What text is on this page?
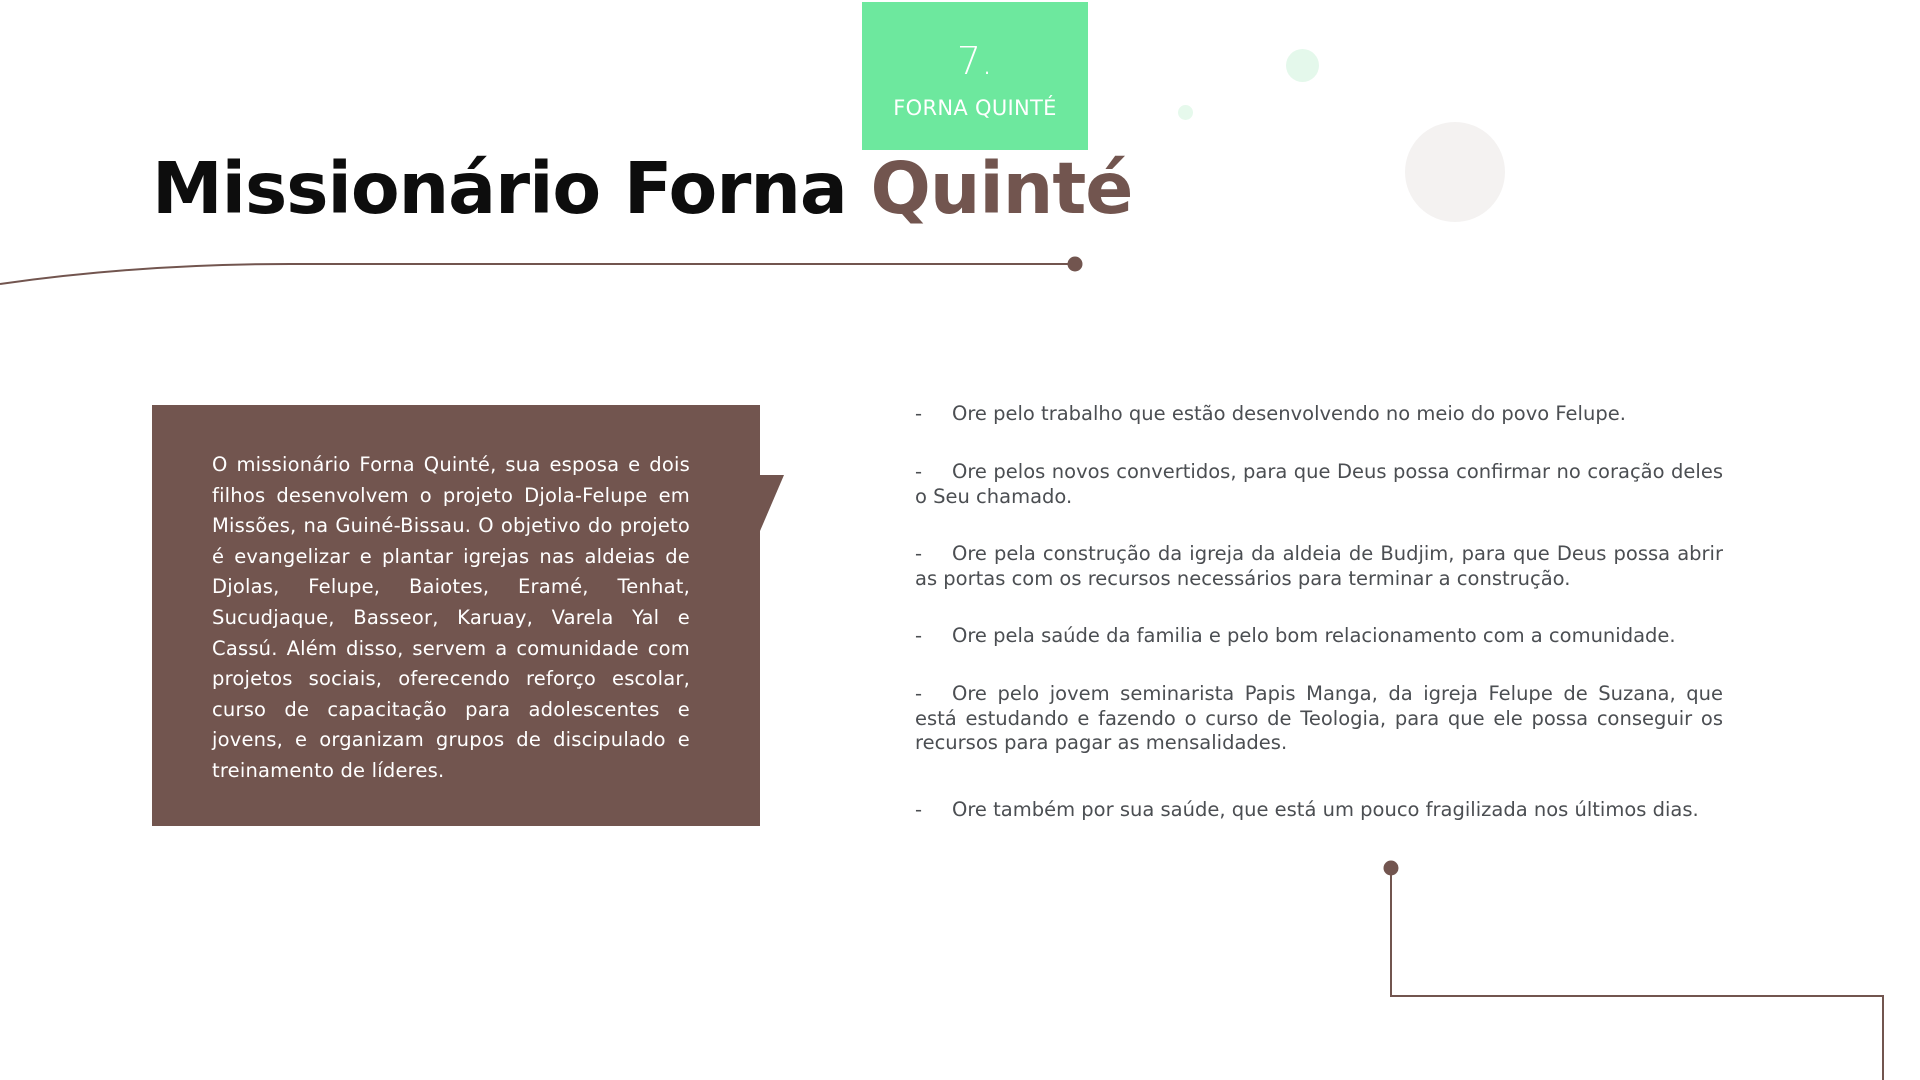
7.
FORNA QUINTÉ
Missionário Forna Quinté

O missionário Forna Quinté, sua esposa e dois filhos desenvolvem o projeto Djola-Felupe em Missões, na Guiné-Bissau. O objetivo do projeto é evangelizar e plantar igrejas nas aldeias de Djolas, Felupe, Baiotes, Eramé, Tenhat, Sucudjaque, Basseor, Karuay, Varela Yal e Cassú. Além disso, servem a comunidade com projetos sociais, oferecendo reforço escolar, curso de capacitação para adolescentes e jovens, e organizam grupos de discipulado e treinamento de líderes.

- Ore pelo trabalho que estão desenvolvendo no meio do povo Felupe.
- Ore pelos novos convertidos, para que Deus possa confirmar no coração deles o Seu chamado.
- Ore pela construção da igreja da aldeia de Budjim, para que Deus possa abrir as portas com os recursos necessários para terminar a construção.
- Ore pela saúde da familia e pelo bom relacionamento com a comunidade.
- Ore pelo jovem seminarista Papis Manga, da igreja Felupe de Suzana, que está estudando e fazendo o curso de Teologia, para que ele possa conseguir os recursos para pagar as mensalidades.
- Ore também por sua saúde, que está um pouco fragilizada nos últimos dias.
